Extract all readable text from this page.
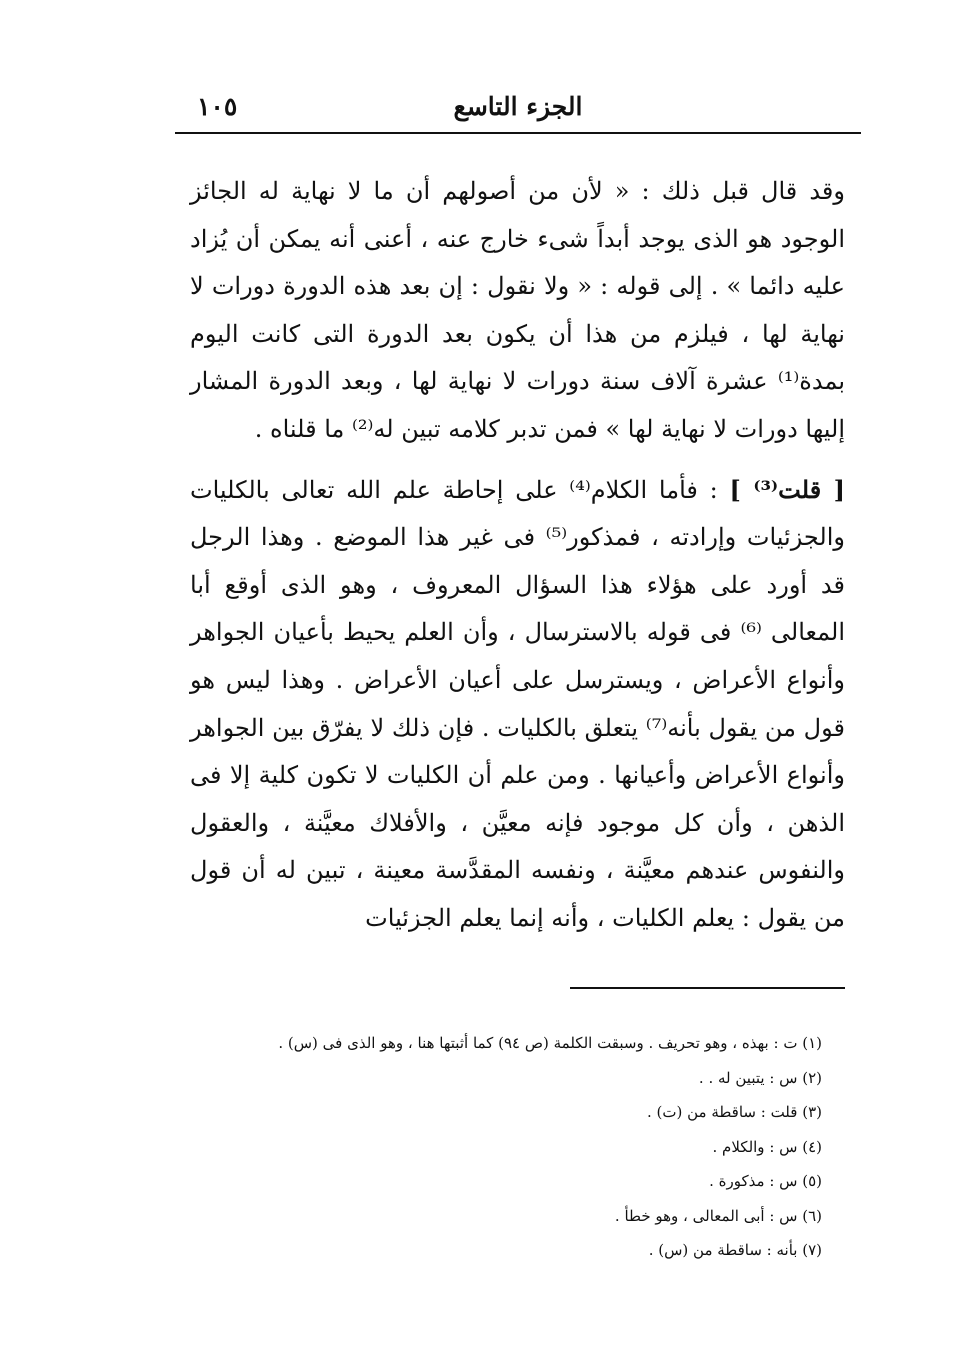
الجزء التاسع
١٠٥

وقد قال قبل ذلك : « لأن من أصولهم أن ما لا نهاية له الجائز الوجود هو الذى يوجد أبداً شىء خارج عنه ، أعنى أنه يمكن أن يُزاد عليه دائما » . إلى قوله : « ولا نقول : إن بعد هذه الدورة دورات لا نهاية لها ، فيلزم من هذا أن يكون بعد الدورة التى كانت اليوم بمدة⁽¹⁾ عشرة آلاف سنة دورات لا نهاية لها ، وبعد الدورة المشار إليها دورات لا نهاية لها » فمن تدبر كلامه تبين له⁽²⁾ ما قلناه .

[ قلت⁽³⁾ ] : فأما الكلام⁽⁴⁾ على إحاطة علم الله تعالى بالكليات والجزئيات وإرادته ، فمذكور⁽⁵⁾ فى غير هذا الموضع . وهذا الرجل قد أورد على هؤلاء هذا السؤال المعروف ، وهو الذى أوقع أبا المعالى ⁽⁶⁾ فى قوله بالاسترسال ، وأن العلم يحيط بأعيان الجواهر وأنواع الأعراض ، ويسترسل على أعيان الأعراض . وهذا ليس هو قول من يقول بأنه⁽⁷⁾ يتعلق بالكليات . فإن ذلك لا يفرّق بين الجواهر وأنواع الأعراض وأعيانها . ومن علم أن الكليات لا تكون كلية إلا فى الذهن ، وأن كل موجود فإنه معيَّن ، والأفلاك معيَّنة ، والعقول والنفوس عندهم معيَّنة ، ونفسه المقدَّسة معينة ، تبين له أن قول من يقول : يعلم الكليات ، وأنه إنما يعلم الجزئيات

(١) ت : بهذه ، وهو تحريف . وسبقت الكلمة (ص ٩٤) كما أثبتها هنا ، وهو الذى فى (س) .

(٢) س : يتبين له . .

(٣) قلت : ساقطة من (ت) .

(٤) س : والكلام .

(٥) س : مذكورة .

(٦) س : أبى المعالى ، وهو خطأ .

(٧) بأنه : ساقطة من (س) .
